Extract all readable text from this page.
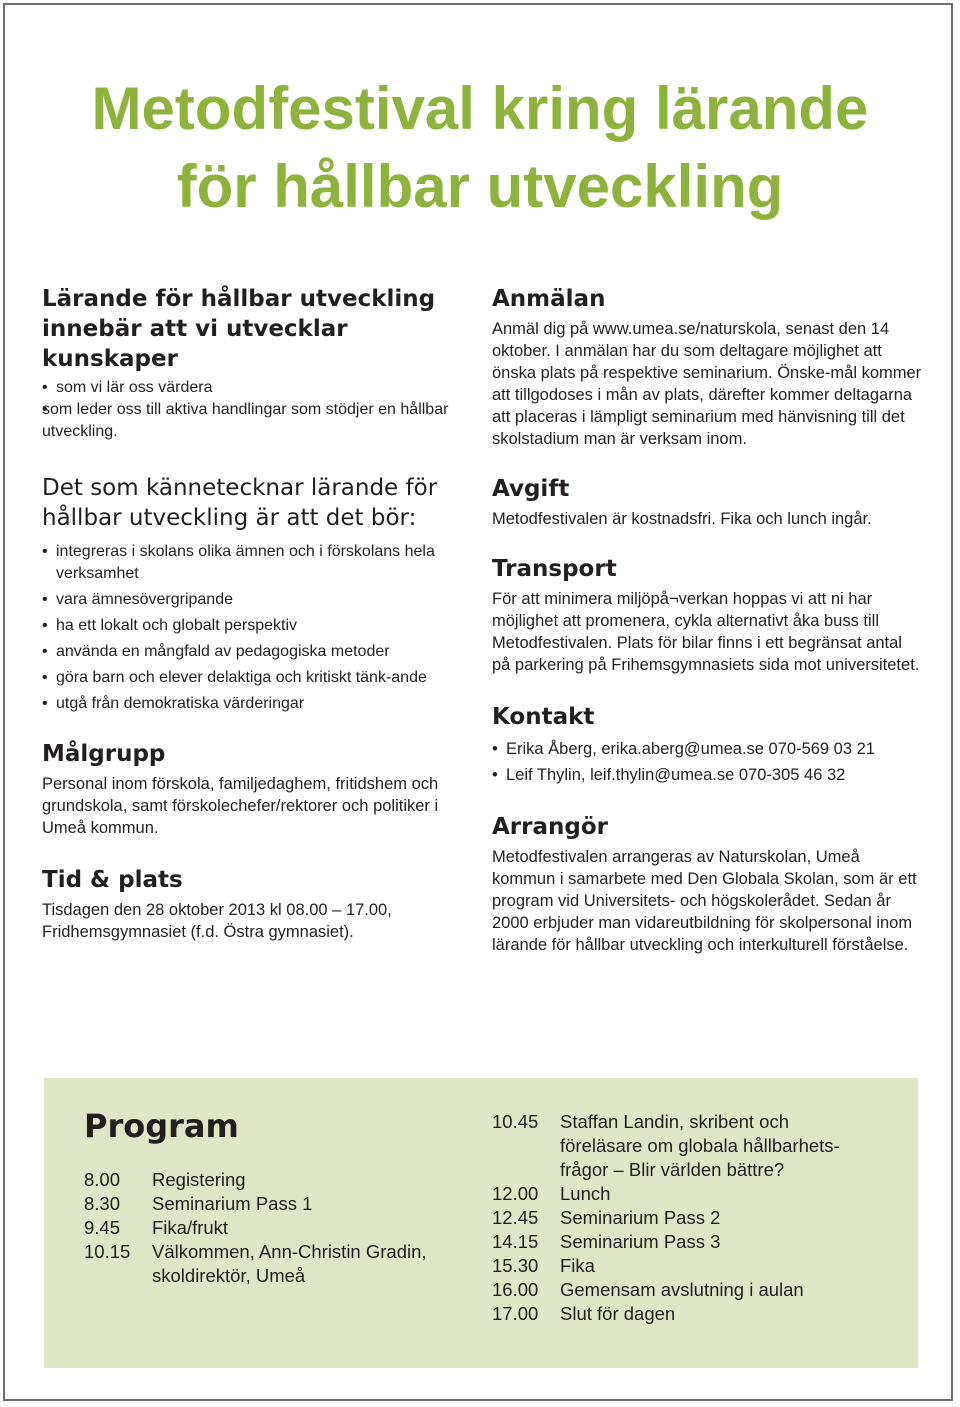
Metodfestival kring lärande
för hållbar utveckling
Lärande för hållbar utveckling
innebär att vi utvecklar kunskaper
• som vi lär oss värdera
• som leder oss till aktiva handlingar som stödjer en hållbar utveckling.
Det som kännetecknar lärande för
hållbar utveckling är att det bör:
• integreras i skolans olika ämnen och i förskolans hela verksamhet
• vara ämnesövergripande
• ha ett lokalt och globalt perspektiv
• använda en mångfald av pedagogiska metoder
• göra barn och elever delaktiga och kritiskt tänk-ande
• utgå från demokratiska värderingar
Målgrupp

Personal inom förskola, familjedaghem, fritidshem och grundskola, samt förskolechefer/rektorer och politiker i Umeå kommun.

Tid & plats

Tisdagen den 28 oktober 2013 kl 08.00 – 17.00, Fridhemsgymnasiet (f.d. Östra gymnasiet).

Anmälan

Anmäl dig på www.umea.se/naturskola, senast den 14 oktober. I anmälan har du som deltagare möjlighet att önska plats på respektive seminarium. Önske-mål kommer att tillgodoses i mån av plats, därefter kommer deltagarna att placeras i lämpligt seminarium med hänvisning till det skolstadium man är verksam inom.

Avgift

Metodfestivalen är kostnadsfri. Fika och lunch ingår.

Transport

För att minimera miljöpå¬verkan hoppas vi att ni har möjlighet att promenera, cykla alternativt åka buss till Metodfestivalen. Plats för bilar finns i ett begränsat antal på parkering på Frihemsgymnasiets sida mot universitetet.

Kontakt
• Erika Åberg, erika.aberg@umea.se 070-569 03 21
• Leif Thylin, leif.thylin@umea.se 070-305 46 32
Arrangör

Metodfestivalen arrangeras av Naturskolan, Umeå kommun i samarbete med Den Globala Skolan, som är ett program vid Universitets- och högskolerådet. Sedan år 2000 erbjuder man vidareutbildning för skolpersonal inom lärande för hållbar utveckling och interkulturell förståelse.

Program
8.00	Registering
8.30	Seminarium Pass 1
9.45	Fika/frukt
10.15	Välkommen, Ann-Christin Gradin, skoldirektör, Umeå
10.45	Staffan Landin, skribent och föreläsare om globala hållbarhets-frågor – Blir världen bättre?
12.00	Lunch
12.45	Seminarium Pass 2
14.15	Seminarium Pass 3
15.30	Fika
16.00	Gemensam avslutning i aulan
17.00	Slut för dagen
